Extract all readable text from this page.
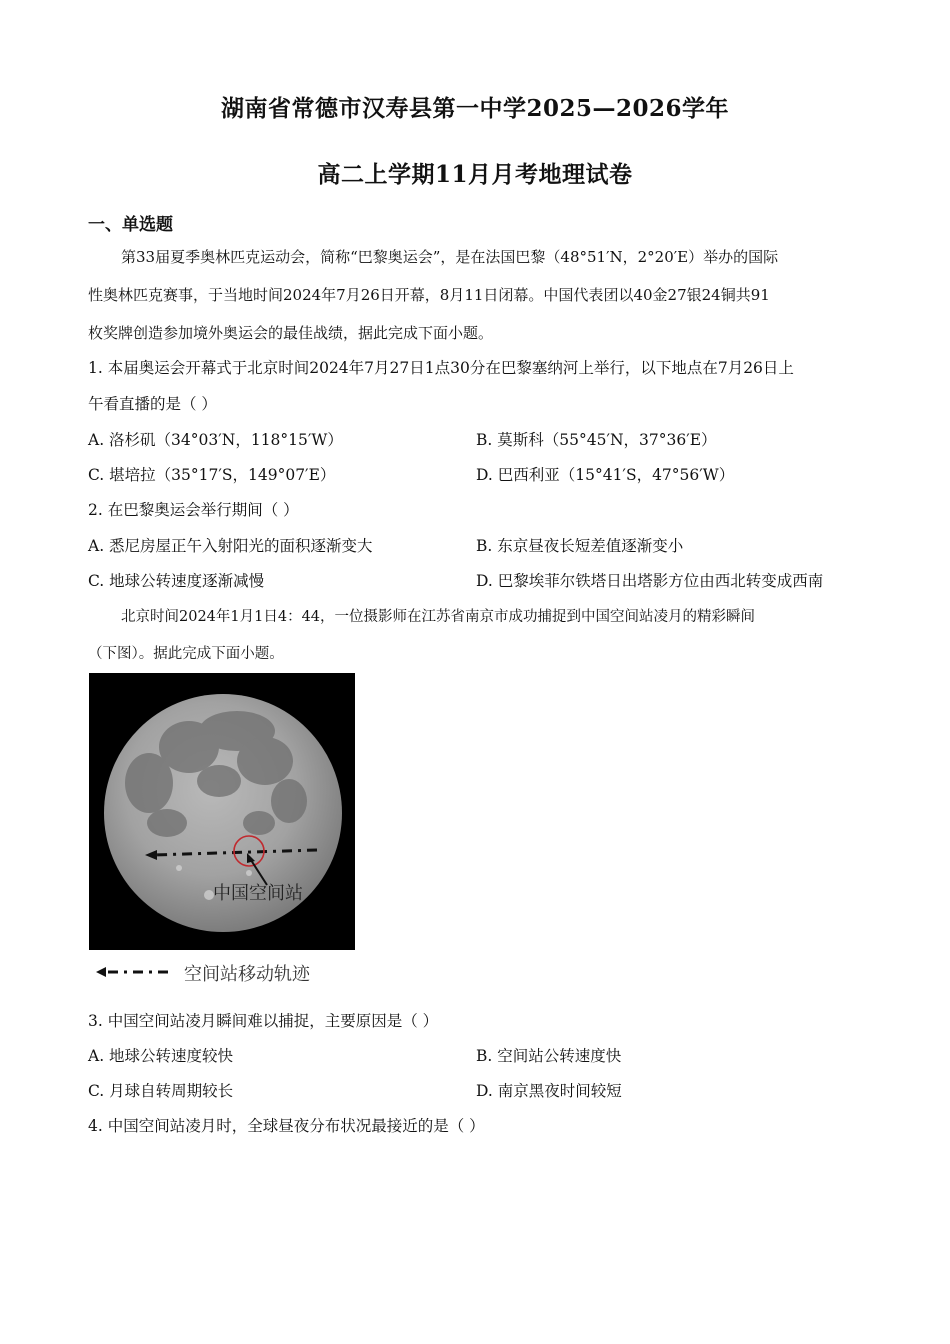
湖南省常德市汉寿县第一中学2025—2026学年
高二上学期11月月考地理试卷
一、单选题
第33届夏季奥林匹克运动会，简称“巴黎奥运会”，是在法国巴黎（48°51′N，2°20′E）举办的国际
性奥林匹克赛事，于当地时间2024年7月26日开幕，8月11日闭幕。中国代表团以40金27银24铜共91
枚奖牌创造参加境外奥运会的最佳战绩，据此完成下面小题。
1. 本届奥运会开幕式于北京时间2024年7月27日1点30分在巴黎塞纳河上举行，以下地点在7月26日上
午看直播的是（ ）
A. 洛杉矶（34°03′N，118°15′W）	B. 莫斯科（55°45′N，37°36′E）
C. 堪培拉（35°17′S，149°07′E）	D. 巴西利亚（15°41′S，47°56′W）
2. 在巴黎奥运会举行期间（ ）
A. 悉尼房屋正午入射阳光的面积逐渐变大	B. 东京昼夜长短差值逐渐变小
C. 地球公转速度逐渐减慢	D. 巴黎埃菲尔铁塔日出塔影方位由西北转变成西南
北京时间2024年1月1日4：44，一位摄影师在江苏省南京市成功捕捉到中国空间站凌月的精彩瞬间
（下图）。据此完成下面小题。
中国空间站
空间站移动轨迹
3. 中国空间站凌月瞬间难以捕捉，主要原因是（ ）
A. 地球公转速度较快	B. 空间站公转速度快
C. 月球自转周期较长	D. 南京黑夜时间较短
4. 中国空间站凌月时，全球昼夜分布状况最接近的是（ ）
